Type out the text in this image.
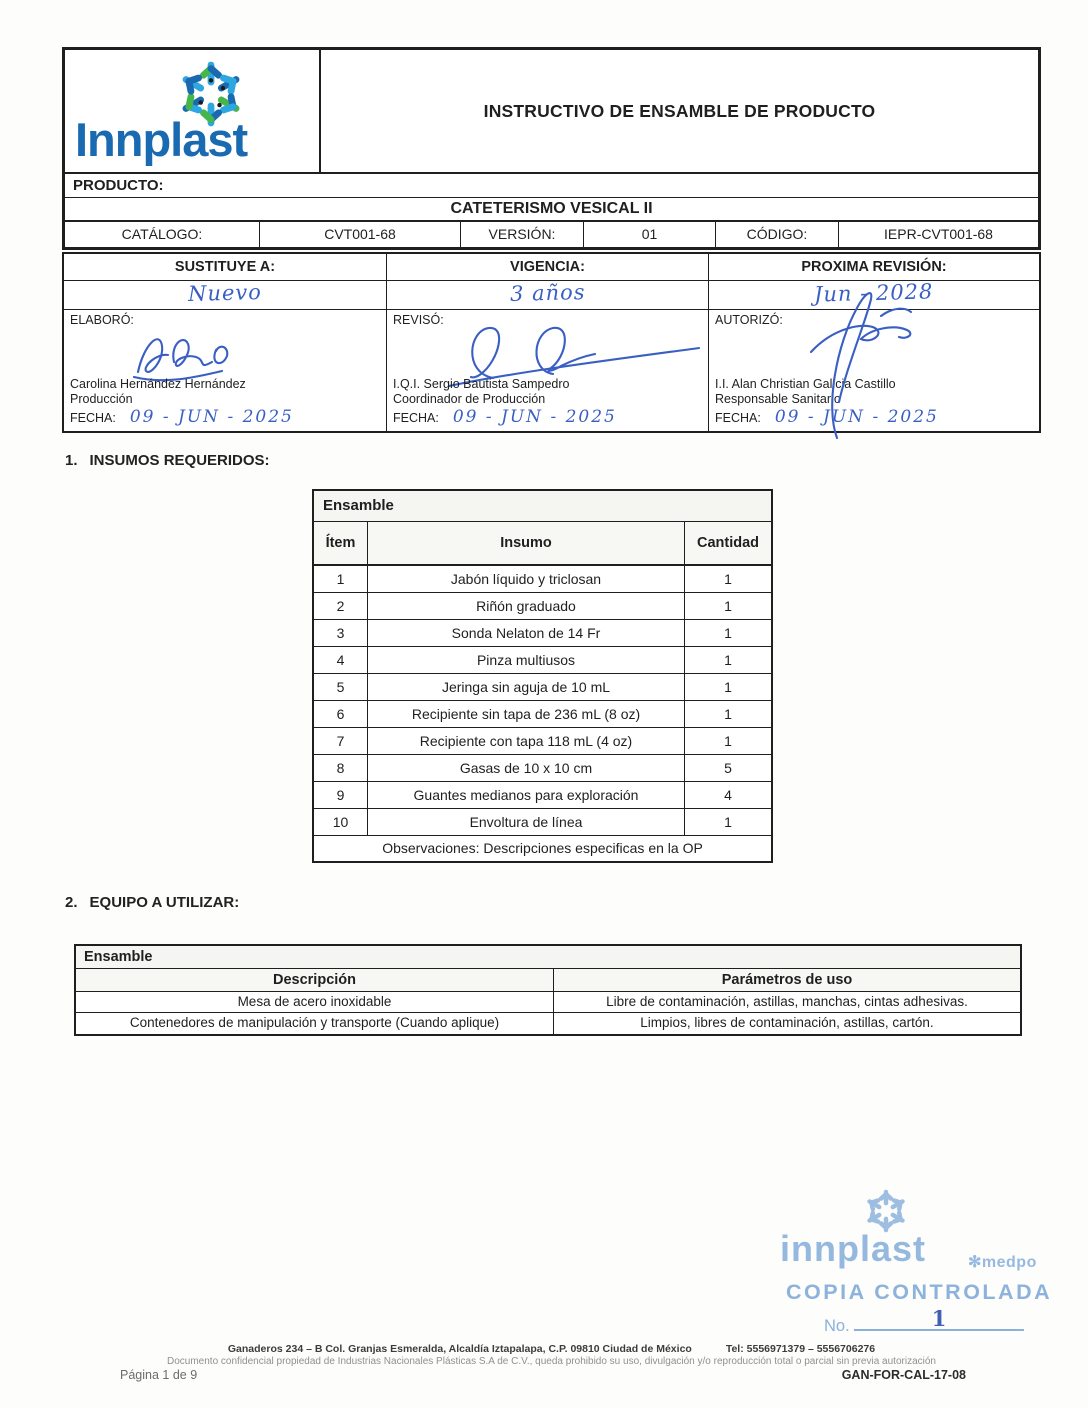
Innplast
INSTRUCTIVO DE ENSAMBLE DE PRODUCTO
PRODUCTO:
CATETERISMO VESICAL II
CATÁLOGO:	CVT001-68	VERSIÓN:	01	CÓDIGO:	IEPR-CVT001-68
SUSTITUYE A:	VIGENCIA:	PROXIMA REVISIÓN:
Nuevo	3 años	Jun - 2028
ELABORÓ:
Carolina Hernández Hernández
Producción
FECHA: 09 - JUN - 2025
REVISÓ:
I.Q.I. Sergio Bautista Sampedro
Coordinador de Producción
FECHA: 09 - JUN - 2025
AUTORIZÓ:
I.I. Alan Christian Galicia Castillo
Responsable Sanitario
FECHA: 09 - JUN - 2025
1. INSUMOS REQUERIDOS:
Ensamble
Ítem	Insumo	Cantidad
1	Jabón líquido y triclosan	1
2	Riñón graduado	1
3	Sonda Nelaton de 14 Fr	1
4	Pinza multiusos	1
5	Jeringa sin aguja de 10 mL	1
6	Recipiente sin tapa de 236 mL (8 oz)	1
7	Recipiente con tapa 118 mL (4 oz)	1
8	Gasas de 10 x 10 cm	5
9	Guantes medianos para exploración	4
10	Envoltura de línea	1
Observaciones: Descripciones especificas en la OP
2. EQUIPO A UTILIZAR:
Ensamble
Descripción	Parámetros de uso
Mesa de acero inoxidable	Libre de contaminación, astillas, manchas, cintas adhesivas.
Contenedores de manipulación y transporte (Cuando aplique)	Limpios, libres de contaminación, astillas, cartón.
innplast	✻medpo
COPIA CONTROLADA
No.	1
Ganaderos 234 – B Col. Granjas Esmeralda, Alcaldía Iztapalapa, C.P. 09810 Ciudad de México	Tel: 5556971379 – 5556706276
Documento confidencial propiedad de Industrias Nacionales Plásticas S.A de C.V., queda prohibido su uso, divulgación y/o reproducción total o parcial sin previa autorización
Página 1 de 9	GAN-FOR-CAL-17-08
